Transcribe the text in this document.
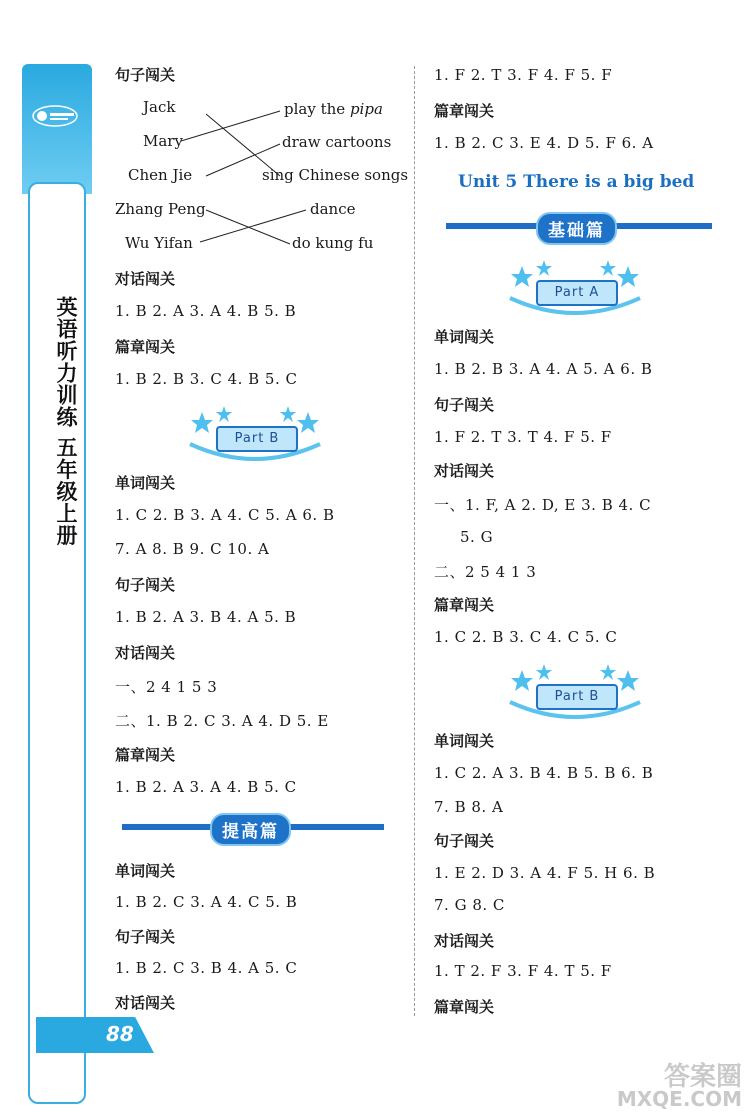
英语听力训练 五年级上册
88
句子闯关
Jack
Mary
Chen Jie
Zhang Peng
Wu Yifan
play the pipa
draw cartoons
sing Chinese songs
dance
do kung fu
对话闯关
1. B 2. A 3. A 4. B 5. B
篇章闯关
1. B 2. B 3. C 4. B 5. C
Part B
单词闯关
1. C 2. B 3. A 4. C 5. A 6. B
7. A 8. B 9. C 10. A
句子闯关
1. B 2. A 3. B 4. A 5. B
对话闯关
一、2 4 1 5 3
二、1. B 2. C 3. A 4. D 5. E
篇章闯关
1. B 2. A 3. A 4. B 5. C
提高篇
单词闯关
1. B 2. C 3. A 4. C 5. B
句子闯关
1. B 2. C 3. B 4. A 5. C
对话闯关
1. F 2. T 3. F 4. F 5. F
篇章闯关
1. B 2. C 3. E 4. D 5. F 6. A
Unit 5 There is a big bed
基础篇
Part A
单词闯关
1. B 2. B 3. A 4. A 5. A 6. B
句子闯关
1. F 2. T 3. T 4. F 5. F
对话闯关
一、1. F, A 2. D, E 3. B 4. C
5. G
二、2 5 4 1 3
篇章闯关
1. C 2. B 3. C 4. C 5. C
Part B
单词闯关
1. C 2. A 3. B 4. B 5. B 6. B
7. B 8. A
句子闯关
1. E 2. D 3. A 4. F 5. H 6. B
7. G 8. C
对话闯关
1. T 2. F 3. F 4. T 5. F
篇章闯关
答案圈
MXQE.COM
